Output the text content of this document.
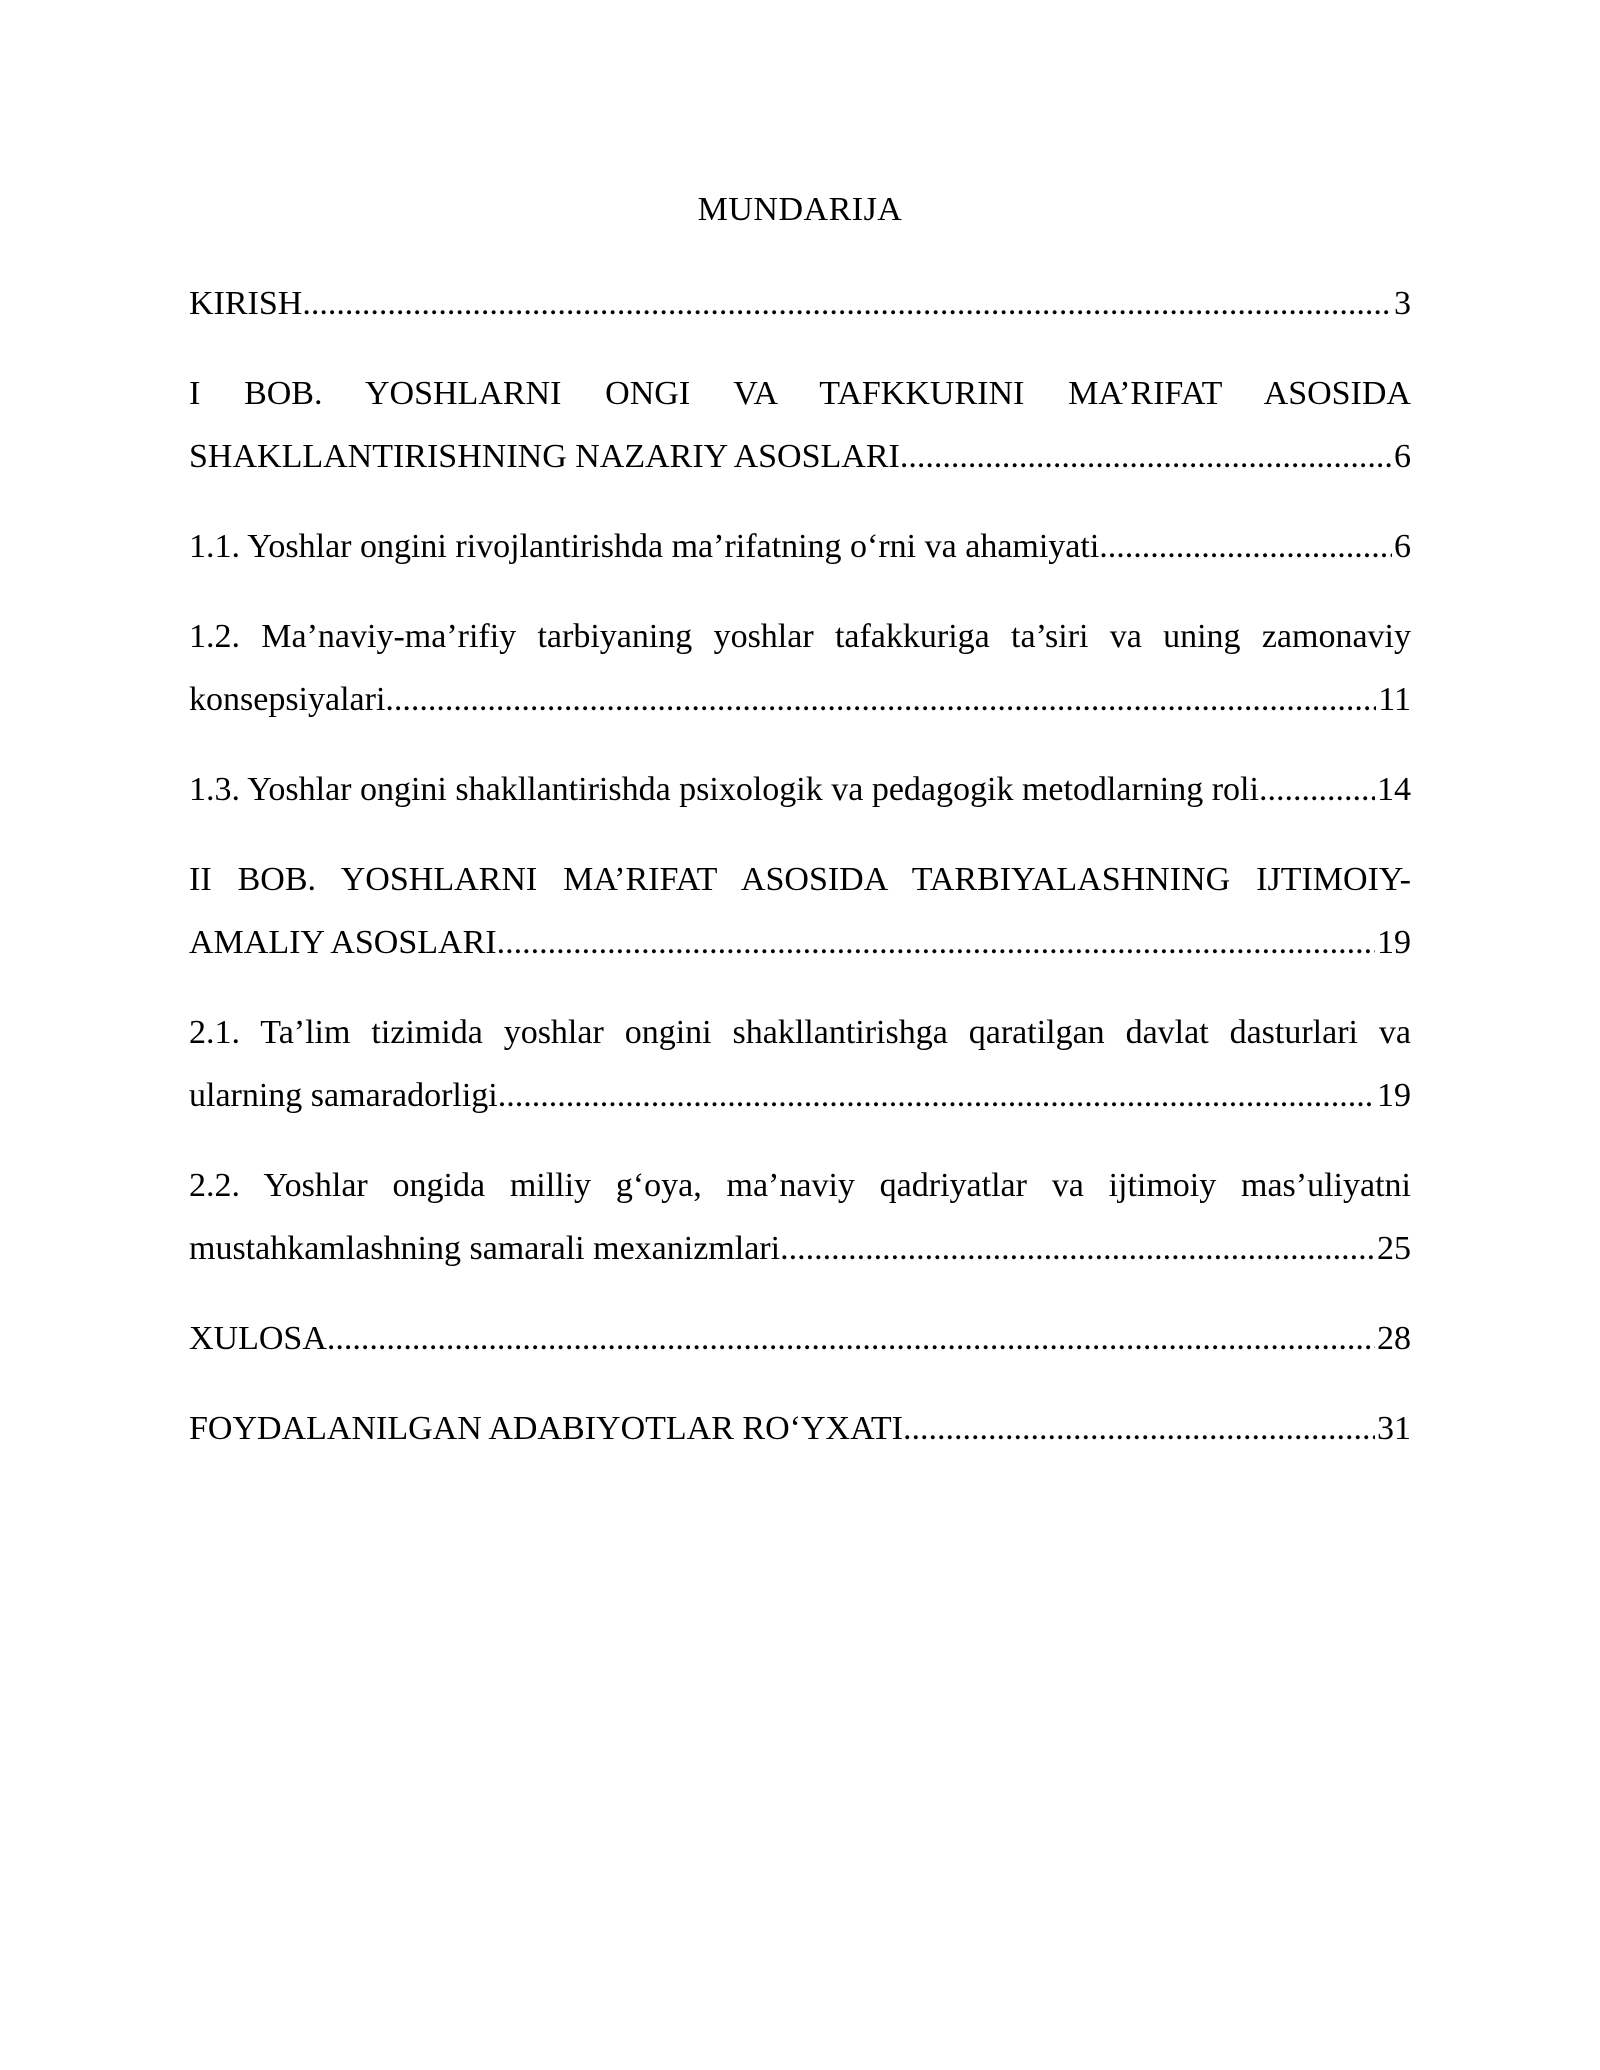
MUNDARIJA
KIRISH .....	3
I BOB. YOSHLARNI ONGI VA TAFKKURINI MA’RIFAT ASOSIDA
SHAKLLANTIRISHNING NAZARIY ASOSLARI .....	6
1.1. Yoshlar ongini rivojlantirishda ma’rifatning o‘rni va ahamiyati .....	6
1.2. Ma’naviy-ma’rifiy tarbiyaning yoshlar tafakkuriga ta’siri va uning zamonaviy
konsepsiyalari .....	11
1.3. Yoshlar ongini shakllantirishda psixologik va pedagogik metodlarning roli .....	14
II BOB. YOSHLARNI MA’RIFAT ASOSIDA TARBIYALASHNING IJTIMOIY-
AMALIY ASOSLARI .....	19
2.1. Ta’lim tizimida yoshlar ongini shakllantirishga qaratilgan davlat dasturlari va
ularning samaradorligi .....	19
2.2. Yoshlar ongida milliy g‘oya, ma’naviy qadriyatlar va ijtimoiy mas’uliyatni
mustahkamlashning samarali mexanizmlari .....	25
XULOSA .....	28
FOYDALANILGAN ADABIYOTLAR RO‘YXATI .....	31
